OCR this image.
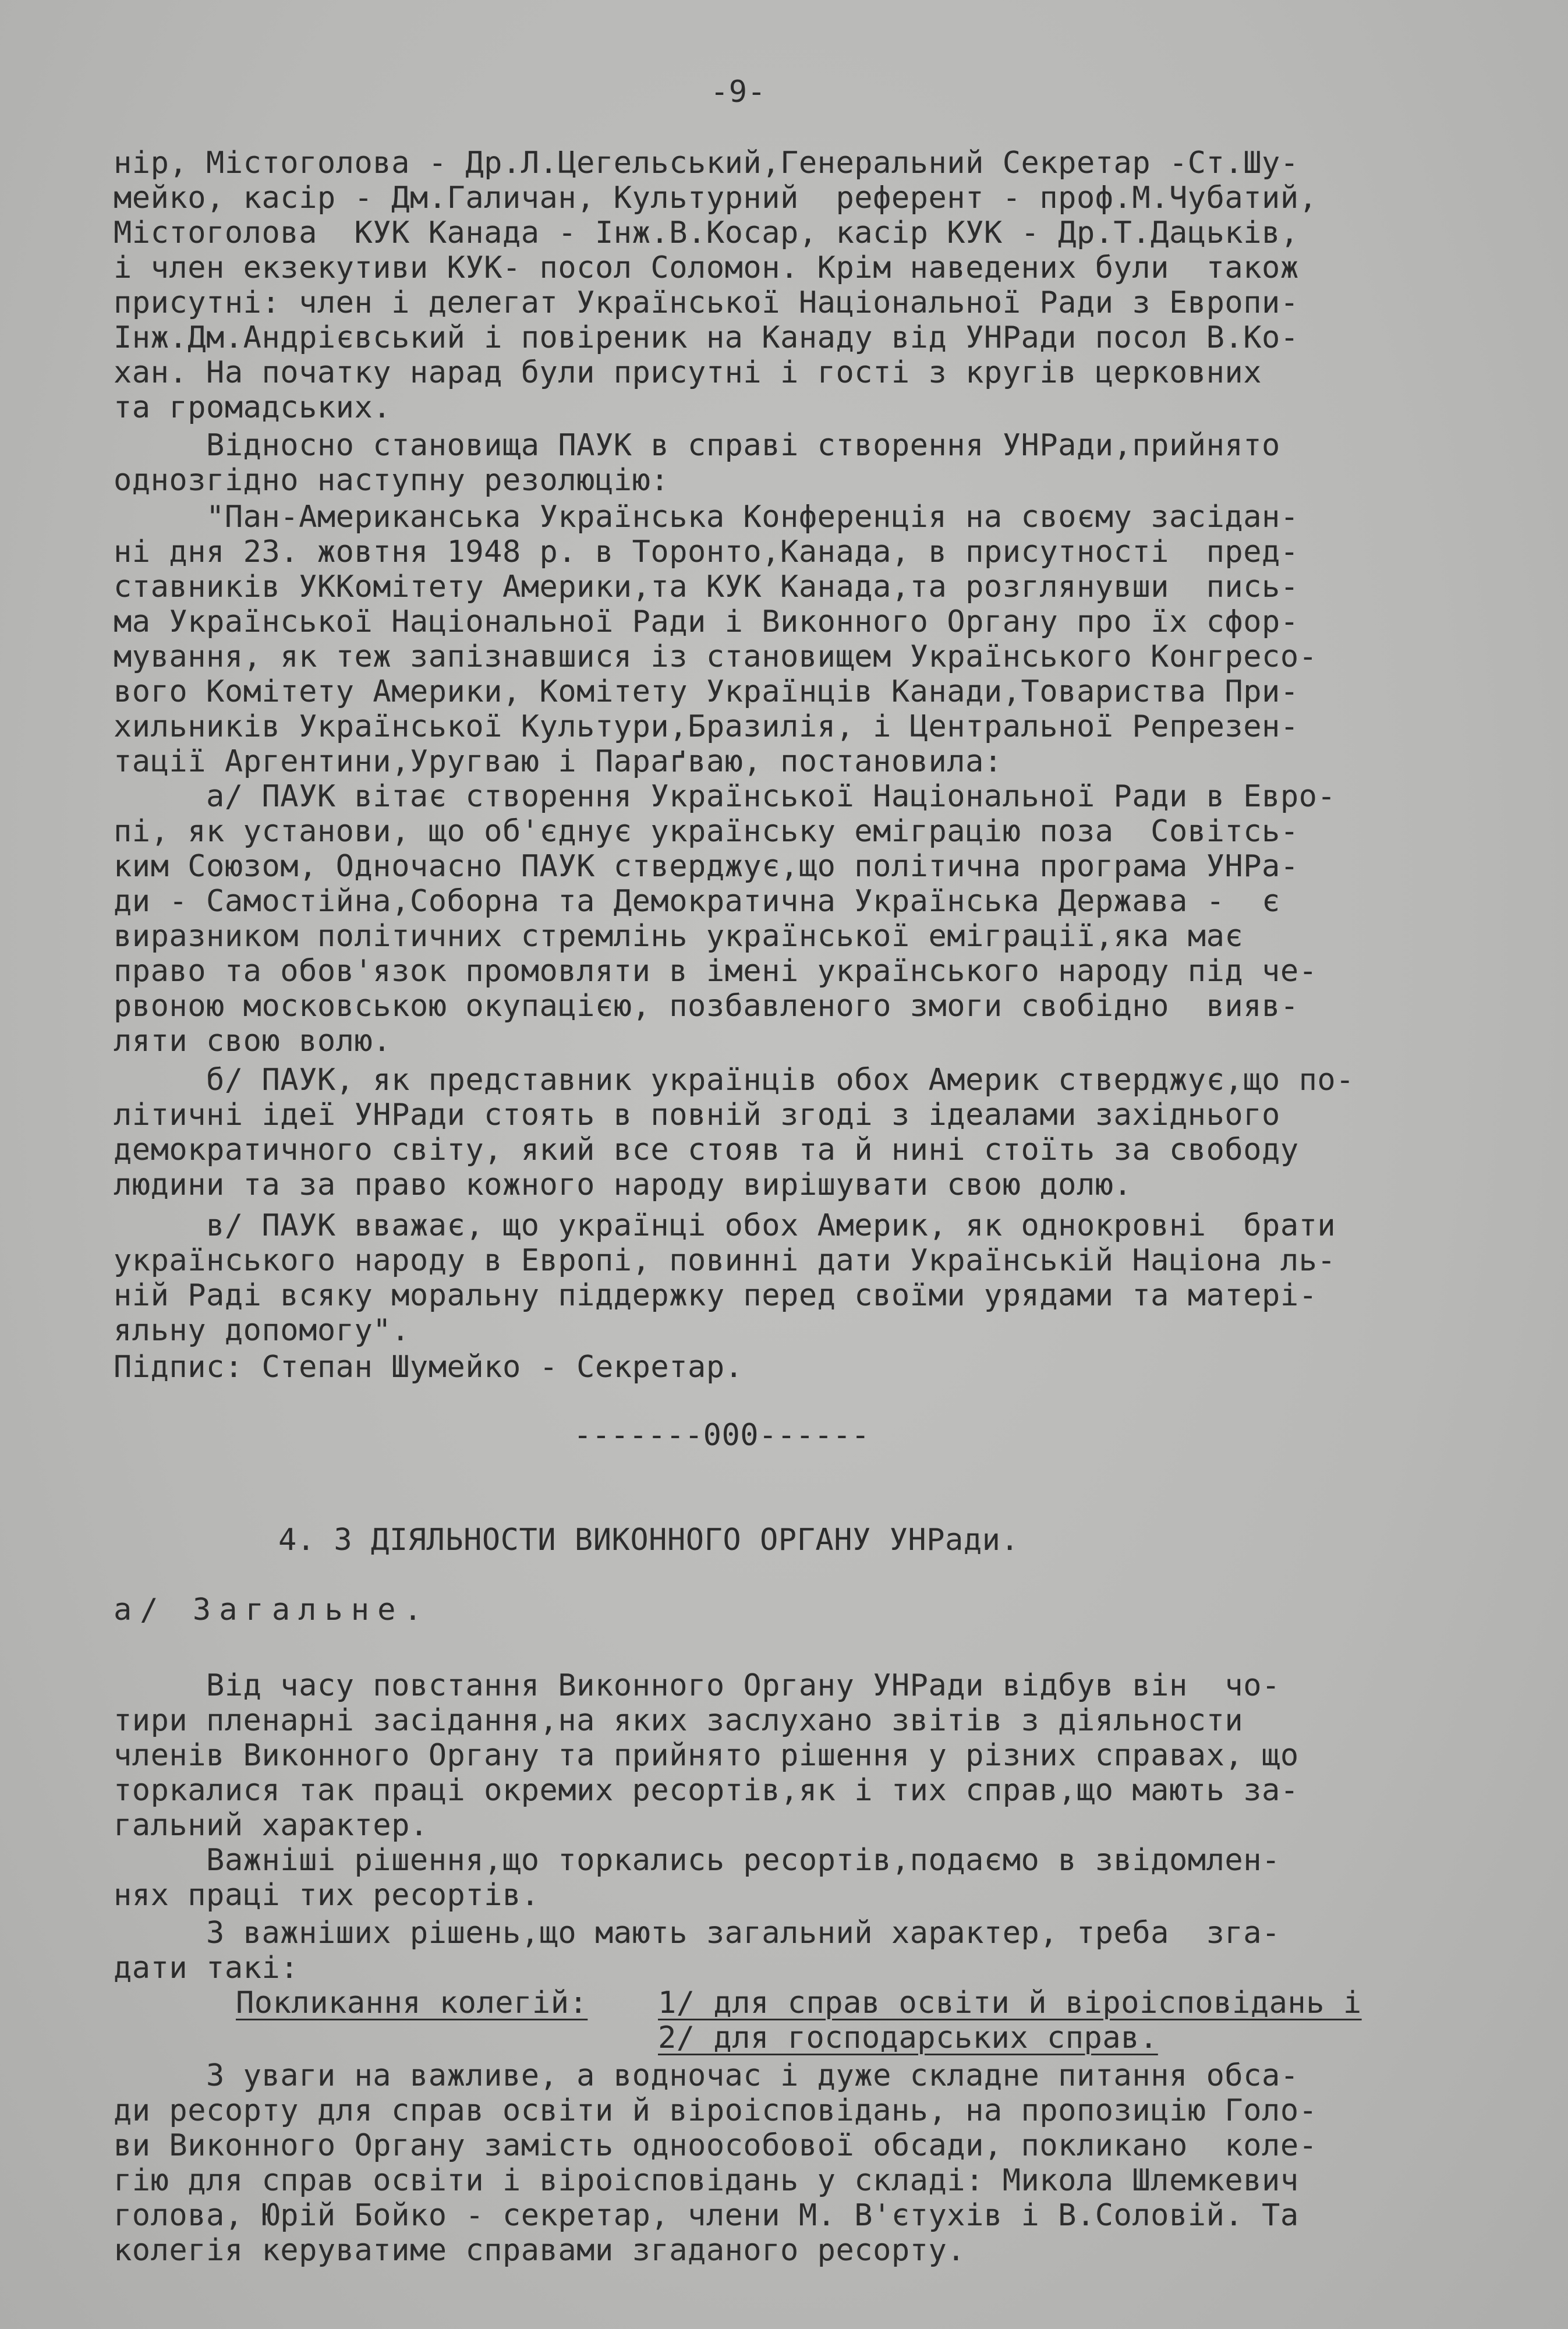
-9-
нір, Містоголова - Др.Л.Цегельський,Генеральний Секретар -Ст.Шу-
мейко, касір - Дм.Галичан, Культурний  референт - проф.М.Чубатий,
Містоголова  КУК Канада - Інж.В.Косар, касір КУК - Др.Т.Дацьків,
і член екзекутиви КУК- посол Соломон. Крім наведених були  також
присутні: член і делегат Української Національної Ради з Европи-
Інж.Дм.Андрієвський і повіреник на Канаду від УНРади посол В.Ко-
хан. На початку нарад були присутні і гості з кругів церковних
та громадських.
Відносно становища ПАУК в справі створення УНРади,прийнято
однозгідно наступну резолюцію:
"Пан-Американська Українська Конференція на своєму засідан-
ні дня 23. жовтня 1948 р. в Торонто,Канада, в присутності  пред-
ставників УККомітету Америки,та КУК Канада,та розглянувши  пись-
ма Української Національної Ради і Виконного Органу про їх сфор-
мування, як теж запізнавшися із становищем Українського Конгресо-
вого Комітету Америки, Комітету Українців Канади,Товариства При-
хильників Української Культури,Бразилія, і Центральної Репрезен-
тації Аргентини,Уругваю і Параґваю, постановила:
а/ ПАУК вітає створення Української Національної Ради в Евро-
пі, як установи, що об'єднує українську еміграцію поза  Совітсь-
ким Союзом, Одночасно ПАУК стверджує,що політична програма УНРа-
ди - Самостійна,Соборна та Демократична Українська Держава -  є
виразником політичних стремлінь української еміграції,яка має
право та обов'язок промовляти в імені українського народу під че-
рвоною московською окупацією, позбавленого змоги свобідно  вияв-
ляти свою волю.
б/ ПАУК, як представник українців обох Америк стверджує,що по-
літичні ідеї УНРади стоять в повній згоді з ідеалами західнього
демократичного світу, який все стояв та й нині стоїть за свободу
людини та за право кожного народу вирішувати свою долю.
в/ ПАУК вважає, що українці обох Америк, як однокровні  брати
українського народу в Европі, повинні дати Українській Націона ль-
ній Раді всяку моральну піддержку перед своїми урядами та матері-
яльну допомогу".
Підпис: Степан Шумейко - Секретар.
-------000------
4. З ДІЯЛЬНОСТИ ВИКОННОГО ОРГАНУ УНРади.
а/ Загальне.
Від часу повстання Виконного Органу УНРади відбув він  чо-
тири пленарні засідання,на яких заслухано звітів з діяльности
членів Виконного Органу та прийнято рішення у різних справах, що
торкалися так праці окремих ресортів,як і тих справ,що мають за-
гальний характер.
Важніші рішення,що торкались ресортів,подаємо в звідомлен-
нях праці тих ресортів.
З важніших рішень,що мають загальний характер, треба  зга-
дати такі:
Покликання колегій: 1/ для справ освіти й віроісповідань і
2/ для господарських справ.
З уваги на важливе, а водночас і дуже складне питання обса-
ди ресорту для справ освіти й віроісповідань, на пропозицію Голо-
ви Виконного Органу замість одноособової обсади, покликано  коле-
гію для справ освіти і віроісповідань у складі: Микола Шлемкевич
голова, Юрій Бойко - секретар, члени М. В'єтухів і В.Соловій. Та
колегія керуватиме справами згаданого ресорту.
